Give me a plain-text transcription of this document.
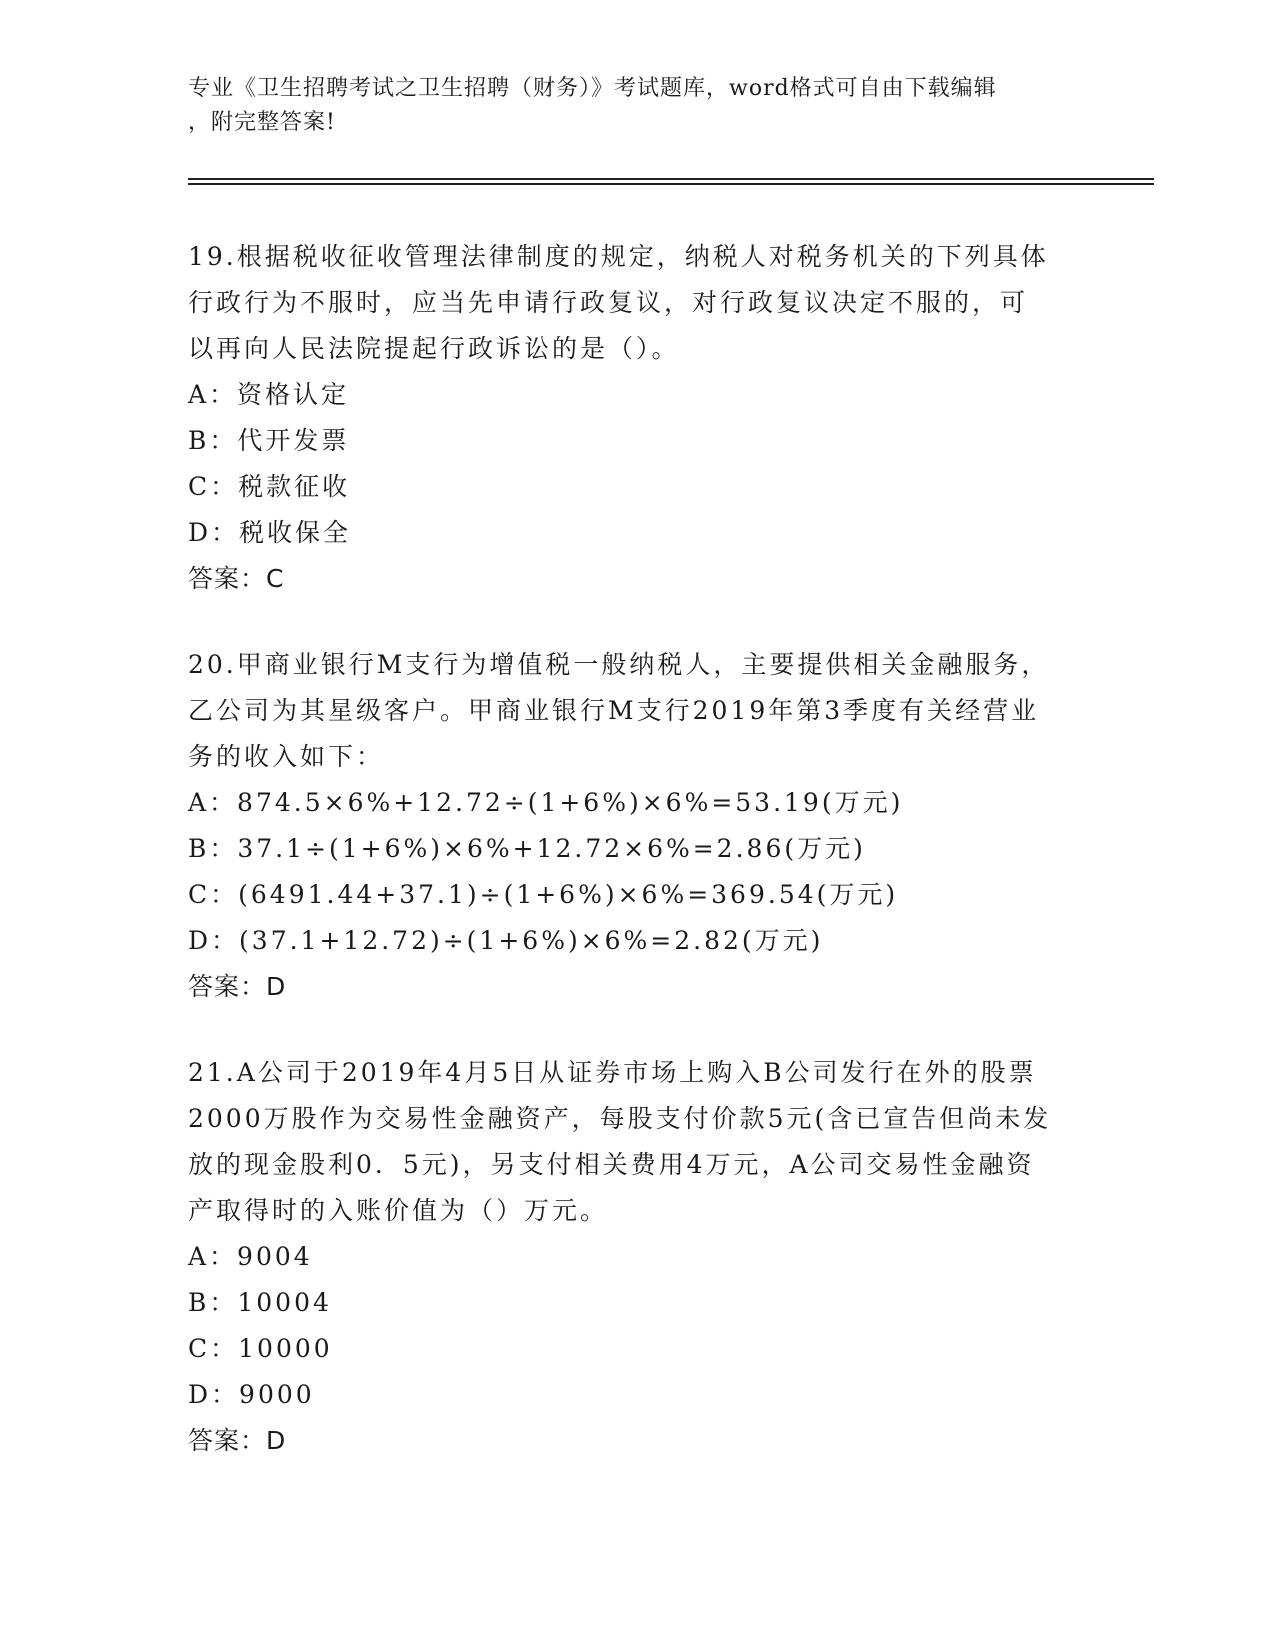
专业《卫生招聘考试之卫生招聘（财务）》考试题库，word格式可自由下载编辑
，附完整答案!
19.根据税收征收管理法律制度的规定，纳税人对税务机关的下列具体
行政行为不服时，应当先申请行政复议，对行政复议决定不服的，可
以再向人民法院提起行政诉讼的是（）。
A：资格认定
B：代开发票
C：税款征收
D：税收保全
答案：C
20.甲商业银行M支行为增值税一般纳税人，主要提供相关金融服务，
乙公司为其星级客户。甲商业银行M支行2019年第3季度有关经营业
务的收入如下：
A：874.5×6%+12.72÷(1+6%)×6%=53.19(万元)
B：37.1÷(1+6%)×6%+12.72×6%=2.86(万元)
C：(6491.44+37.1)÷(1+6%)×6%=369.54(万元)
D：(37.1+12.72)÷(1+6%)×6%=2.82(万元)
答案：D
21.A公司于2019年4月5日从证券市场上购入B公司发行在外的股票
2000万股作为交易性金融资产，每股支付价款5元(含已宣告但尚未发
放的现金股利0．5元)，另支付相关费用4万元，A公司交易性金融资
产取得时的入账价值为（）万元。
A：9004
B：10004
C：10000
D：9000
答案：D
